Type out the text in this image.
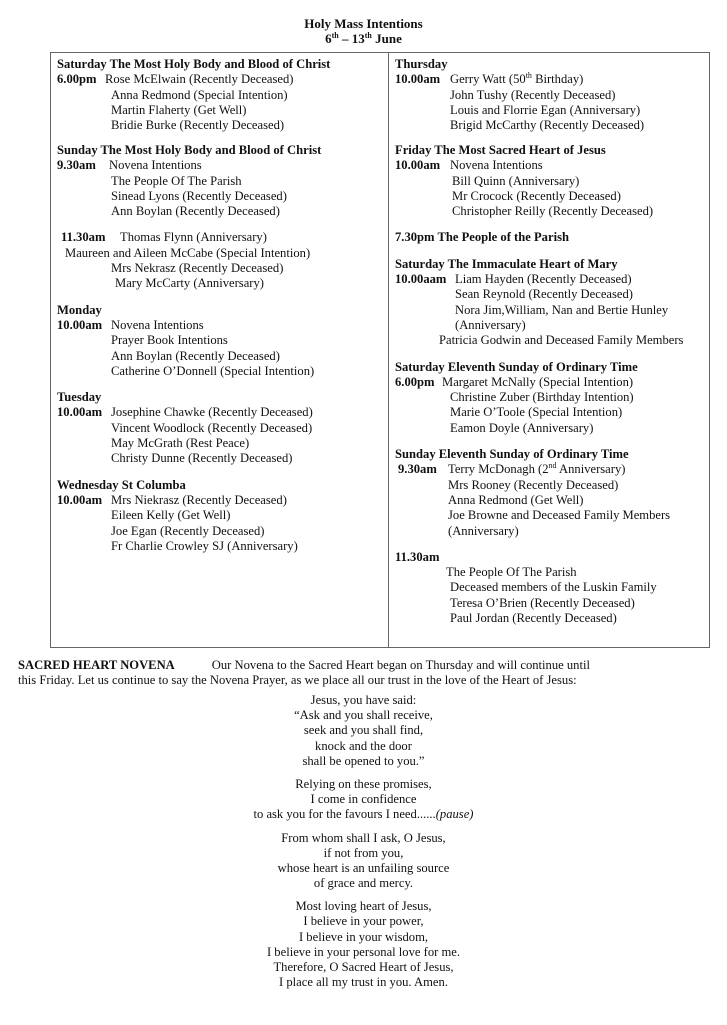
Holy Mass Intentions
6th – 13th June
Saturday The Most Holy Body and Blood of Christ
6.00pm Rose McElwain (Recently Deceased)
Anna Redmond (Special Intention)
Martin Flaherty (Get Well)
Bridie Burke (Recently Deceased)
Sunday The Most Holy Body and Blood of Christ
9.30am Novena Intentions
The People Of The Parish
Sinead Lyons (Recently Deceased)
Ann Boylan (Recently Deceased)
11.30am Thomas Flynn (Anniversary)
Maureen and Aileen McCabe (Special Intention)
Mrs Nekrasz (Recently Deceased)
Mary McCarty (Anniversary)
Monday
10.00am Novena Intentions
Prayer Book Intentions
Ann Boylan (Recently Deceased)
Catherine O’Donnell (Special Intention)
Tuesday
10.00am Josephine Chawke (Recently Deceased)
Vincent Woodlock (Recently Deceased)
May McGrath (Rest Peace)
Christy Dunne (Recently Deceased)
Wednesday St Columba
10.00am Mrs Niekrasz (Recently Deceased)
Eileen Kelly (Get Well)
Joe Egan (Recently Deceased)
Fr Charlie Crowley SJ (Anniversary)
Thursday
10.00am Gerry Watt (50th Birthday)
John Tushy (Recently Deceased)
Louis and Florrie Egan (Anniversary)
Brigid McCarthy (Recently Deceased)
Friday The Most Sacred Heart of Jesus
10.00am Novena Intentions
Bill Quinn (Anniversary)
Mr Crocock (Recently Deceased)
Christopher Reilly (Recently Deceased)
7.30pm The People of the Parish
Saturday The Immaculate Heart of Mary
10.00aam Liam Hayden (Recently Deceased)
Sean Reynold (Recently Deceased)
Nora Jim,William, Nan and Bertie Hunley
(Anniversary)
Patricia Godwin and Deceased Family Members
Saturday Eleventh Sunday of Ordinary Time
6.00pm Margaret McNally (Special Intention)
Christine Zuber (Birthday Intention)
Marie O’Toole (Special Intention)
Eamon Doyle (Anniversary)
Sunday Eleventh Sunday of Ordinary Time
9.30am Terry McDonagh (2nd Anniversary)
Mrs Rooney (Recently Deceased)
Anna Redmond (Get Well)
Joe Browne and Deceased Family Members
(Anniversary)
11.30am
The People Of The Parish
Deceased members of the Luskin Family
Teresa O’Brien (Recently Deceased)
Paul Jordan (Recently Deceased)
SACRED HEART NOVENA	Our Novena to the Sacred Heart began on Thursday and will continue until
this Friday. Let us continue to say the Novena Prayer, as we place all our trust in the love of the Heart of Jesus:
Jesus, you have said:
“Ask and you shall receive,
seek and you shall find,
knock and the door
shall be opened to you.”
Relying on these promises,
I come in confidence
to ask you for the favours I need......(pause)
From whom shall I ask, O Jesus,
if not from you,
whose heart is an unfailing source
of grace and mercy.
Most loving heart of Jesus,
I believe in your power,
I believe in your wisdom,
I believe in your personal love for me.
Therefore, O Sacred Heart of Jesus,
I place all my trust in you. Amen.
